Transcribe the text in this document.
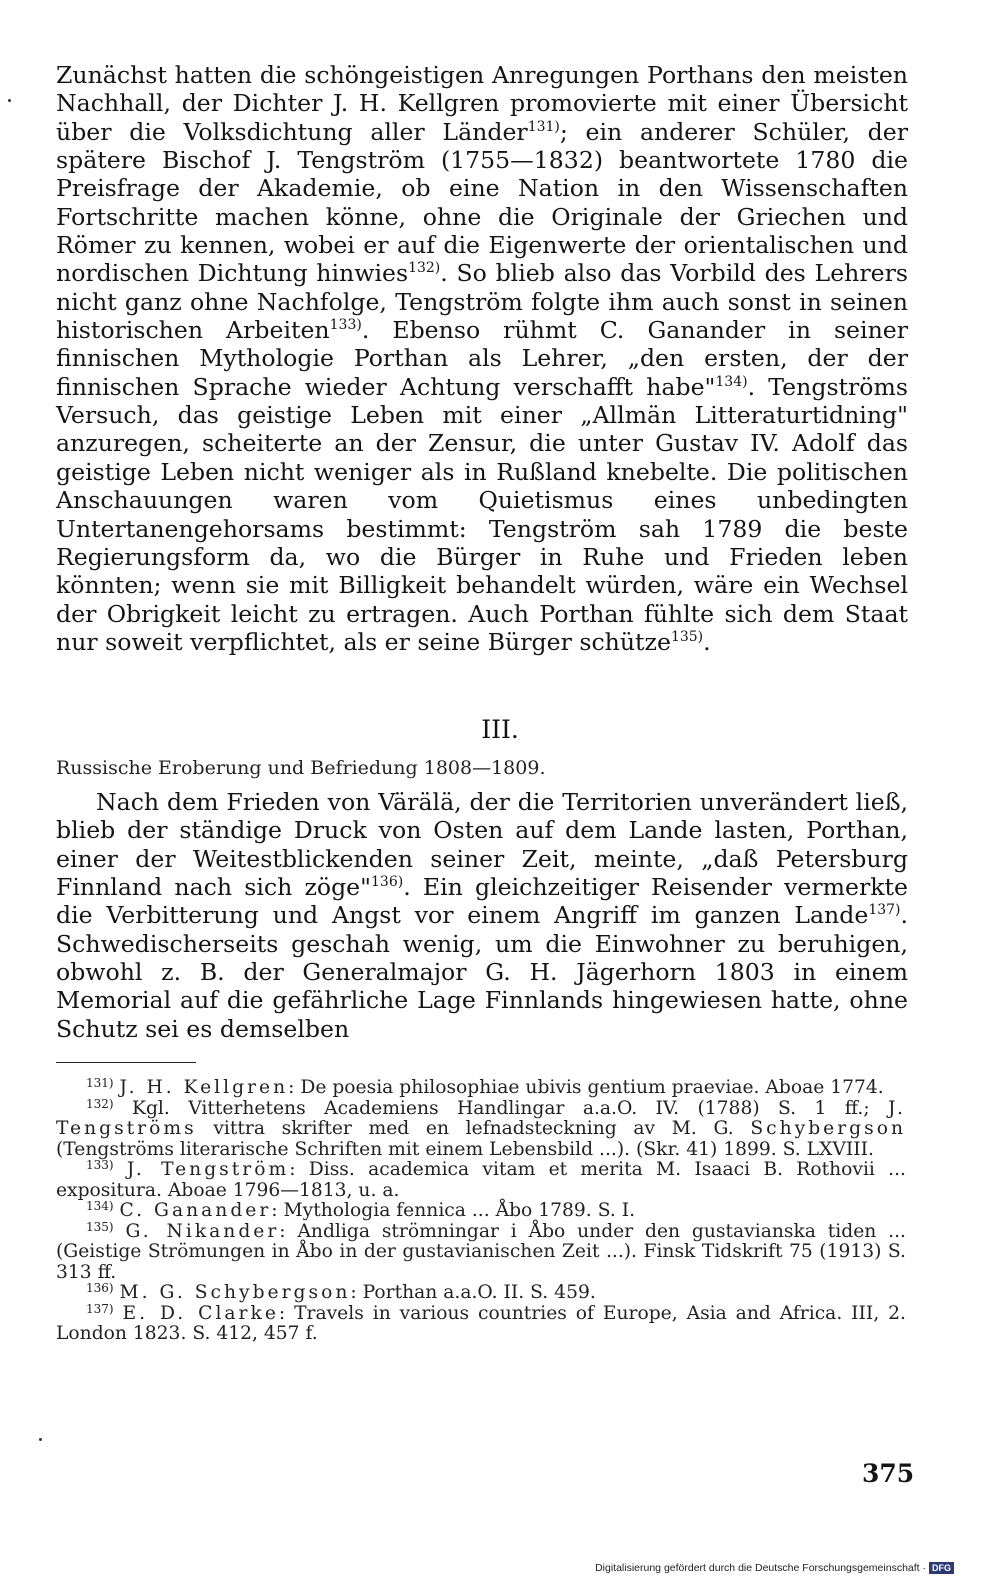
Zunächst hatten die schöngeistigen Anregungen Porthans den meisten Nachhall, der Dichter J. H. Kellgren promovierte mit einer Übersicht über die Volksdichtung aller Länder$^{131)}$; ein anderer Schüler, der spätere Bischof J. Tengström (1755—1832) beantwortete 1780 die Preisfrage der Akademie, ob eine Nation in den Wissenschaften Fortschritte machen könne, ohne die Originale der Griechen und Römer zu kennen, wobei er auf die Eigenwerte der orientalischen und nordischen Dichtung hinwies$^{132)}$. So blieb also das Vorbild des Lehrers nicht ganz ohne Nachfolge, Tengström folgte ihm auch sonst in seinen historischen Arbeiten$^{133)}$. Ebenso rühmt C. Ganander in seiner finnischen Mythologie Porthan als Lehrer, „den ersten, der der finnischen Sprache wieder Achtung verschafft habe"$^{134)}$. Tengströms Versuch, das geistige Leben mit einer „Allmän Litteraturtidning" anzuregen, scheiterte an der Zensur, die unter Gustav IV. Adolf das geistige Leben nicht weniger als in Rußland knebelte. Die politischen Anschauungen waren vom Quietismus eines unbedingten Untertanengehorsams bestimmt: Tengström sah 1789 die beste Regierungsform da, wo die Bürger in Ruhe und Frieden leben könnten; wenn sie mit Billigkeit behandelt würden, wäre ein Wechsel der Obrigkeit leicht zu ertragen. Auch Porthan fühlte sich dem Staat nur soweit verpflichtet, als er seine Bürger schütze$^{135)}$.

III.

Russische Eroberung und Befriedung 1808—1809.

Nach dem Frieden von Värälä, der die Territorien unverändert ließ, blieb der ständige Druck von Osten auf dem Lande lasten, Porthan, einer der Weitestblickenden seiner Zeit, meinte, „daß Petersburg Finnland nach sich zöge"$^{136)}$. Ein gleichzeitiger Reisender vermerkte die Verbitterung und Angst vor einem Angriff im ganzen Lande$^{137)}$. Schwedischerseits geschah wenig, um die Einwohner zu beruhigen, obwohl z. B. der Generalmajor G. H. Jägerhorn 1803 in einem Memorial auf die gefährliche Lage Finnlands hingewiesen hatte, ohne Schutz sei es demselben

$^{131)}$ J. H. Kellgren: De poesia philosophiae ubivis gentium praeviae. Aboae 1774.

$^{132)}$ Kgl. Vitterhetens Academiens Handlingar a.a.O. IV. (1788) S. 1 ff.; J. Tengströms vittra skrifter med en lefnadsteckning av M. G. Schybergson (Tengströms literarische Schriften mit einem Lebensbild ...). (Skr. 41) 1899. S. LXVIII.

$^{133)}$ J. Tengström: Diss. academica vitam et merita M. Isaaci B. Rothovii ... expositura. Aboae 1796—1813, u. a.

$^{134)}$ C. Ganander: Mythologia fennica ... Åbo 1789. S. I.

$^{135)}$ G. Nikander: Andliga strömningar i Åbo under den gustavianska tiden ... (Geistige Strömungen in Åbo in der gustavianischen Zeit ...). Finsk Tidskrift 75 (1913) S. 313 ff.

$^{136)}$ M. G. Schybergson: Porthan a.a.O. II. S. 459.

$^{137)}$ E. D. Clarke: Travels in various countries of Europe, Asia and Africa. III, 2. London 1823. S. 412, 457 f.

375

Digitalisierung gefördert durch die Deutsche Forschungsgemeinschaft · DFG
